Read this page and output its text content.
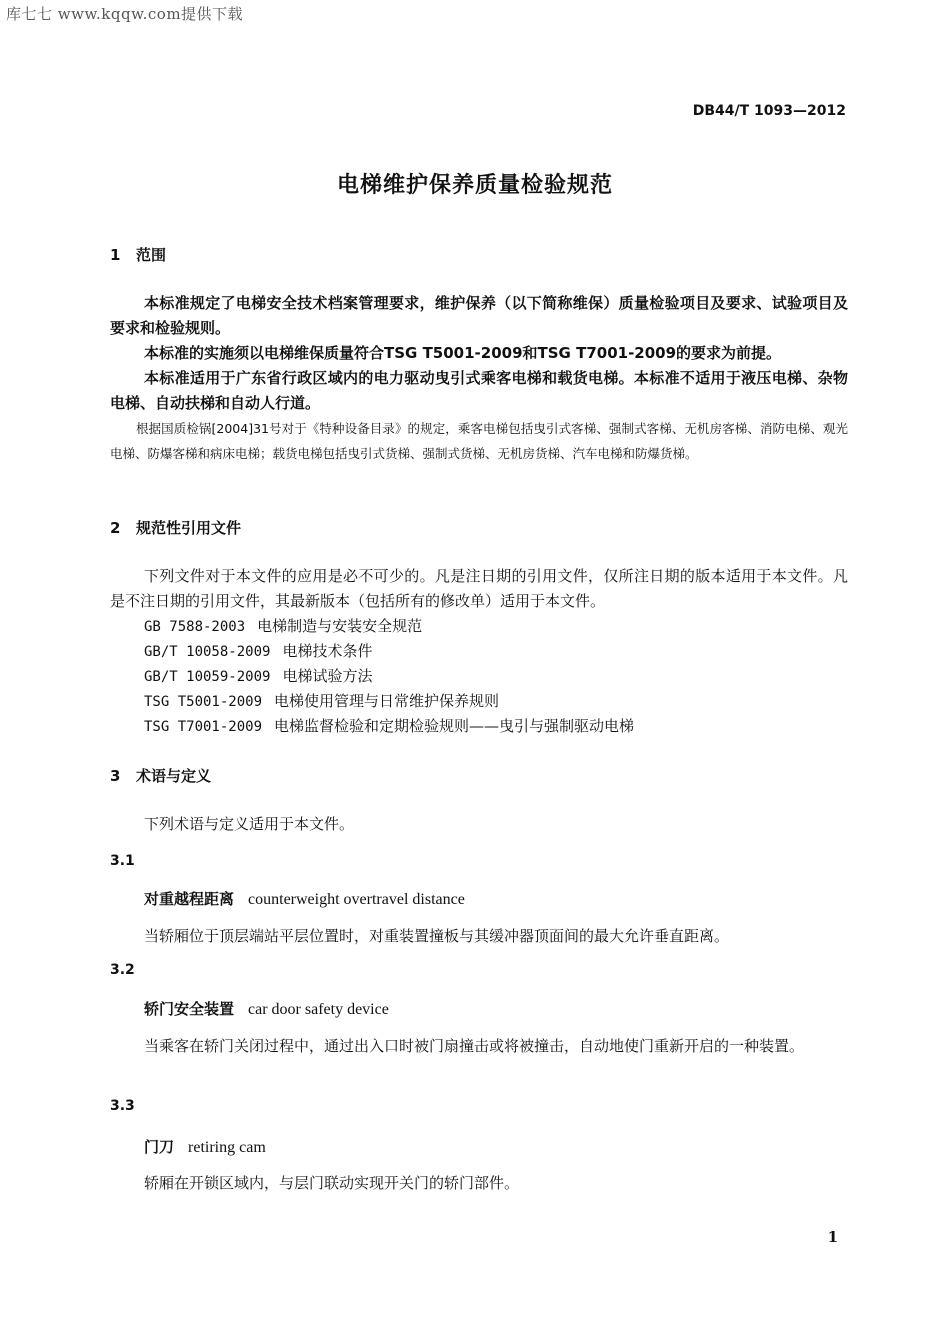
库七七 www.kqqw.com提供下载
DB44/T 1093—2012
电梯维护保养质量检验规范
1 范围
本标准规定了电梯安全技术档案管理要求，维护保养（以下简称维保）质量检验项目及要求、试验项目及要求和检验规则。
本标准的实施须以电梯维保质量符合TSG T5001-2009和TSG T7001-2009的要求为前提。
本标准适用于广东省行政区域内的电力驱动曳引式乘客电梯和载货电梯。本标准不适用于液压电梯、杂物电梯、自动扶梯和自动人行道。
根据国质检锅[2004]31号对于《特种设备目录》的规定，乘客电梯包括曳引式客梯、强制式客梯、无机房客梯、消防电梯、观光电梯、防爆客梯和病床电梯；载货电梯包括曳引式货梯、强制式货梯、无机房货梯、汽车电梯和防爆货梯。
2 规范性引用文件
下列文件对于本文件的应用是必不可少的。凡是注日期的引用文件，仅所注日期的版本适用于本文件。凡是不注日期的引用文件，其最新版本（包括所有的修改单）适用于本文件。
GB 7588-2003 电梯制造与安装安全规范
GB/T 10058-2009 电梯技术条件
GB/T 10059-2009 电梯试验方法
TSG T5001-2009 电梯使用管理与日常维护保养规则
TSG T7001-2009 电梯监督检验和定期检验规则——曳引与强制驱动电梯
3 术语与定义
下列术语与定义适用于本文件。
3.1
对重越程距离 counterweight overtravel distance
当轿厢位于顶层端站平层位置时，对重装置撞板与其缓冲器顶面间的最大允许垂直距离。
3.2
轿门安全装置 car door safety device
当乘客在轿门关闭过程中，通过出入口时被门扇撞击或将被撞击，自动地使门重新开启的一种装置。
3.3
门刀 retiring cam
轿厢在开锁区域内，与层门联动实现开关门的轿门部件。
1
